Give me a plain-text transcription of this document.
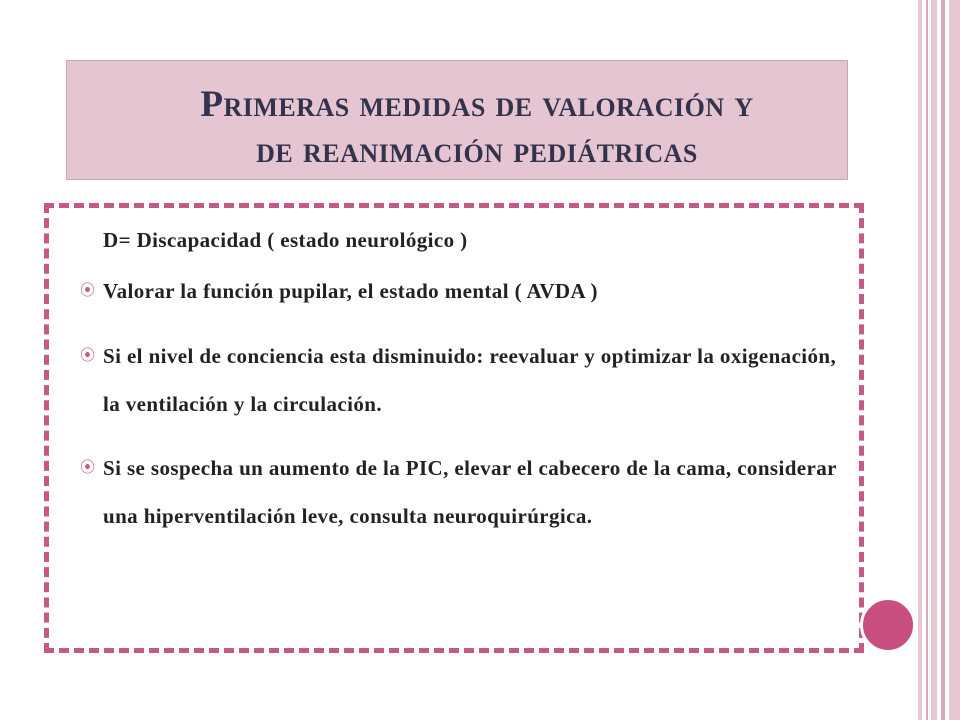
Primeras medidas de valoración y
de reanimación pediátricas

D= Discapacidad ( estado neurológico )

⦿ Valorar la función pupilar, el estado mental ( AVDA )
⦿ Si el nivel de conciencia esta disminuido: reevaluar y optimizar la oxigenación, la ventilación y la circulación.
⦿ Si se sospecha un aumento de la PIC, elevar el cabecero de la cama, considerar una hiperventilación leve, consulta neuroquirúrgica.
